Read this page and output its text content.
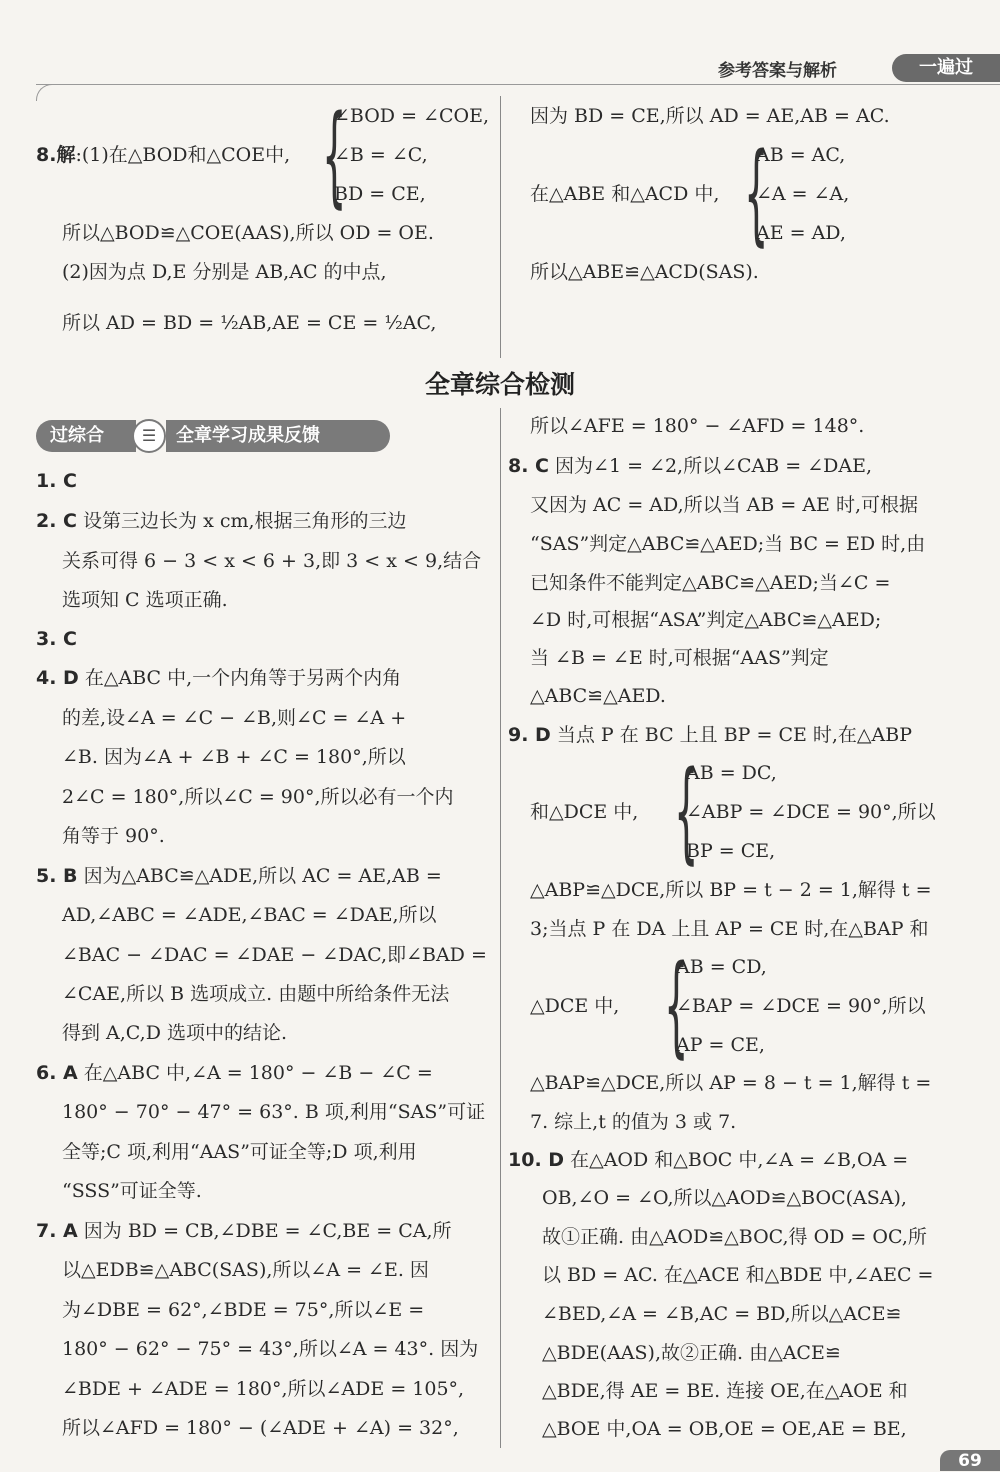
参考答案与解析	一遍过
8.解:(1)在△BOD和△COE中, {
∠BOD = ∠COE,
∠B = ∠C,
BD = CE,
所以△BOD≌△COE(AAS),所以 OD = OE.
(2)因为点 D,E 分别是 AB,AC 的中点,
所以 AD = BD = ½AB,AE = CE = ½AC,
因为 BD = CE,所以 AD = AE,AB = AC.
在△ABE 和△ACD 中, {
AB = AC,
∠A = ∠A,
AE = AD,
所以△ABE≌△ACD(SAS).
全章综合检测
过综合	全章学习成果反馈
☰
1. C
2. C 设第三边长为 x cm,根据三角形的三边
关系可得 6 − 3 < x < 6 + 3,即 3 < x < 9,结合
选项知 C 选项正确.
3. C
4. D 在△ABC 中,一个内角等于另两个内角
的差,设∠A = ∠C − ∠B,则∠C = ∠A +
∠B. 因为∠A + ∠B + ∠C = 180°,所以
2∠C = 180°,所以∠C = 90°,所以必有一个内
角等于 90°.
5. B 因为△ABC≌△ADE,所以 AC = AE,AB =
AD,∠ABC = ∠ADE,∠BAC = ∠DAE,所以
∠BAC − ∠DAC = ∠DAE − ∠DAC,即∠BAD =
∠CAE,所以 B 选项成立. 由题中所给条件无法
得到 A,C,D 选项中的结论.
6. A 在△ABC 中,∠A = 180° − ∠B − ∠C =
180° − 70° − 47° = 63°. B 项,利用“SAS”可证
全等;C 项,利用“AAS”可证全等;D 项,利用
“SSS”可证全等.
7. A 因为 BD = CB,∠DBE = ∠C,BE = CA,所
以△EDB≌△ABC(SAS),所以∠A = ∠E. 因
为∠DBE = 62°,∠BDE = 75°,所以∠E =
180° − 62° − 75° = 43°,所以∠A = 43°. 因为
∠BDE + ∠ADE = 180°,所以∠ADE = 105°,
所以∠AFD = 180° − (∠ADE + ∠A) = 32°,
所以∠AFE = 180° − ∠AFD = 148°.
8. C 因为∠1 = ∠2,所以∠CAB = ∠DAE,
又因为 AC = AD,所以当 AB = AE 时,可根据
“SAS”判定△ABC≌△AED;当 BC = ED 时,由
已知条件不能判定△ABC≌△AED;当∠C =
∠D 时,可根据“ASA”判定△ABC≌△AED;
当 ∠B = ∠E 时,可根据“AAS”判定
△ABC≌△AED.
9. D 当点 P 在 BC 上且 BP = CE 时,在△ABP
和△DCE 中, {
AB = DC,
∠ABP = ∠DCE = 90°,所以
BP = CE,
△ABP≌△DCE,所以 BP = t − 2 = 1,解得 t =
3;当点 P 在 DA 上且 AP = CE 时,在△BAP 和
△DCE 中, {
AB = CD,
∠BAP = ∠DCE = 90°,所以
AP = CE,
△BAP≌△DCE,所以 AP = 8 − t = 1,解得 t =
7. 综上,t 的值为 3 或 7.
10. D 在△AOD 和△BOC 中,∠A = ∠B,OA =
OB,∠O = ∠O,所以△AOD≌△BOC(ASA),
故①正确. 由△AOD≌△BOC,得 OD = OC,所
以 BD = AC. 在△ACE 和△BDE 中,∠AEC =
∠BED,∠A = ∠B,AC = BD,所以△ACE≌
△BDE(AAS),故②正确. 由△ACE≌
△BDE,得 AE = BE. 连接 OE,在△AOE 和
△BOE 中,OA = OB,OE = OE,AE = BE,
69
